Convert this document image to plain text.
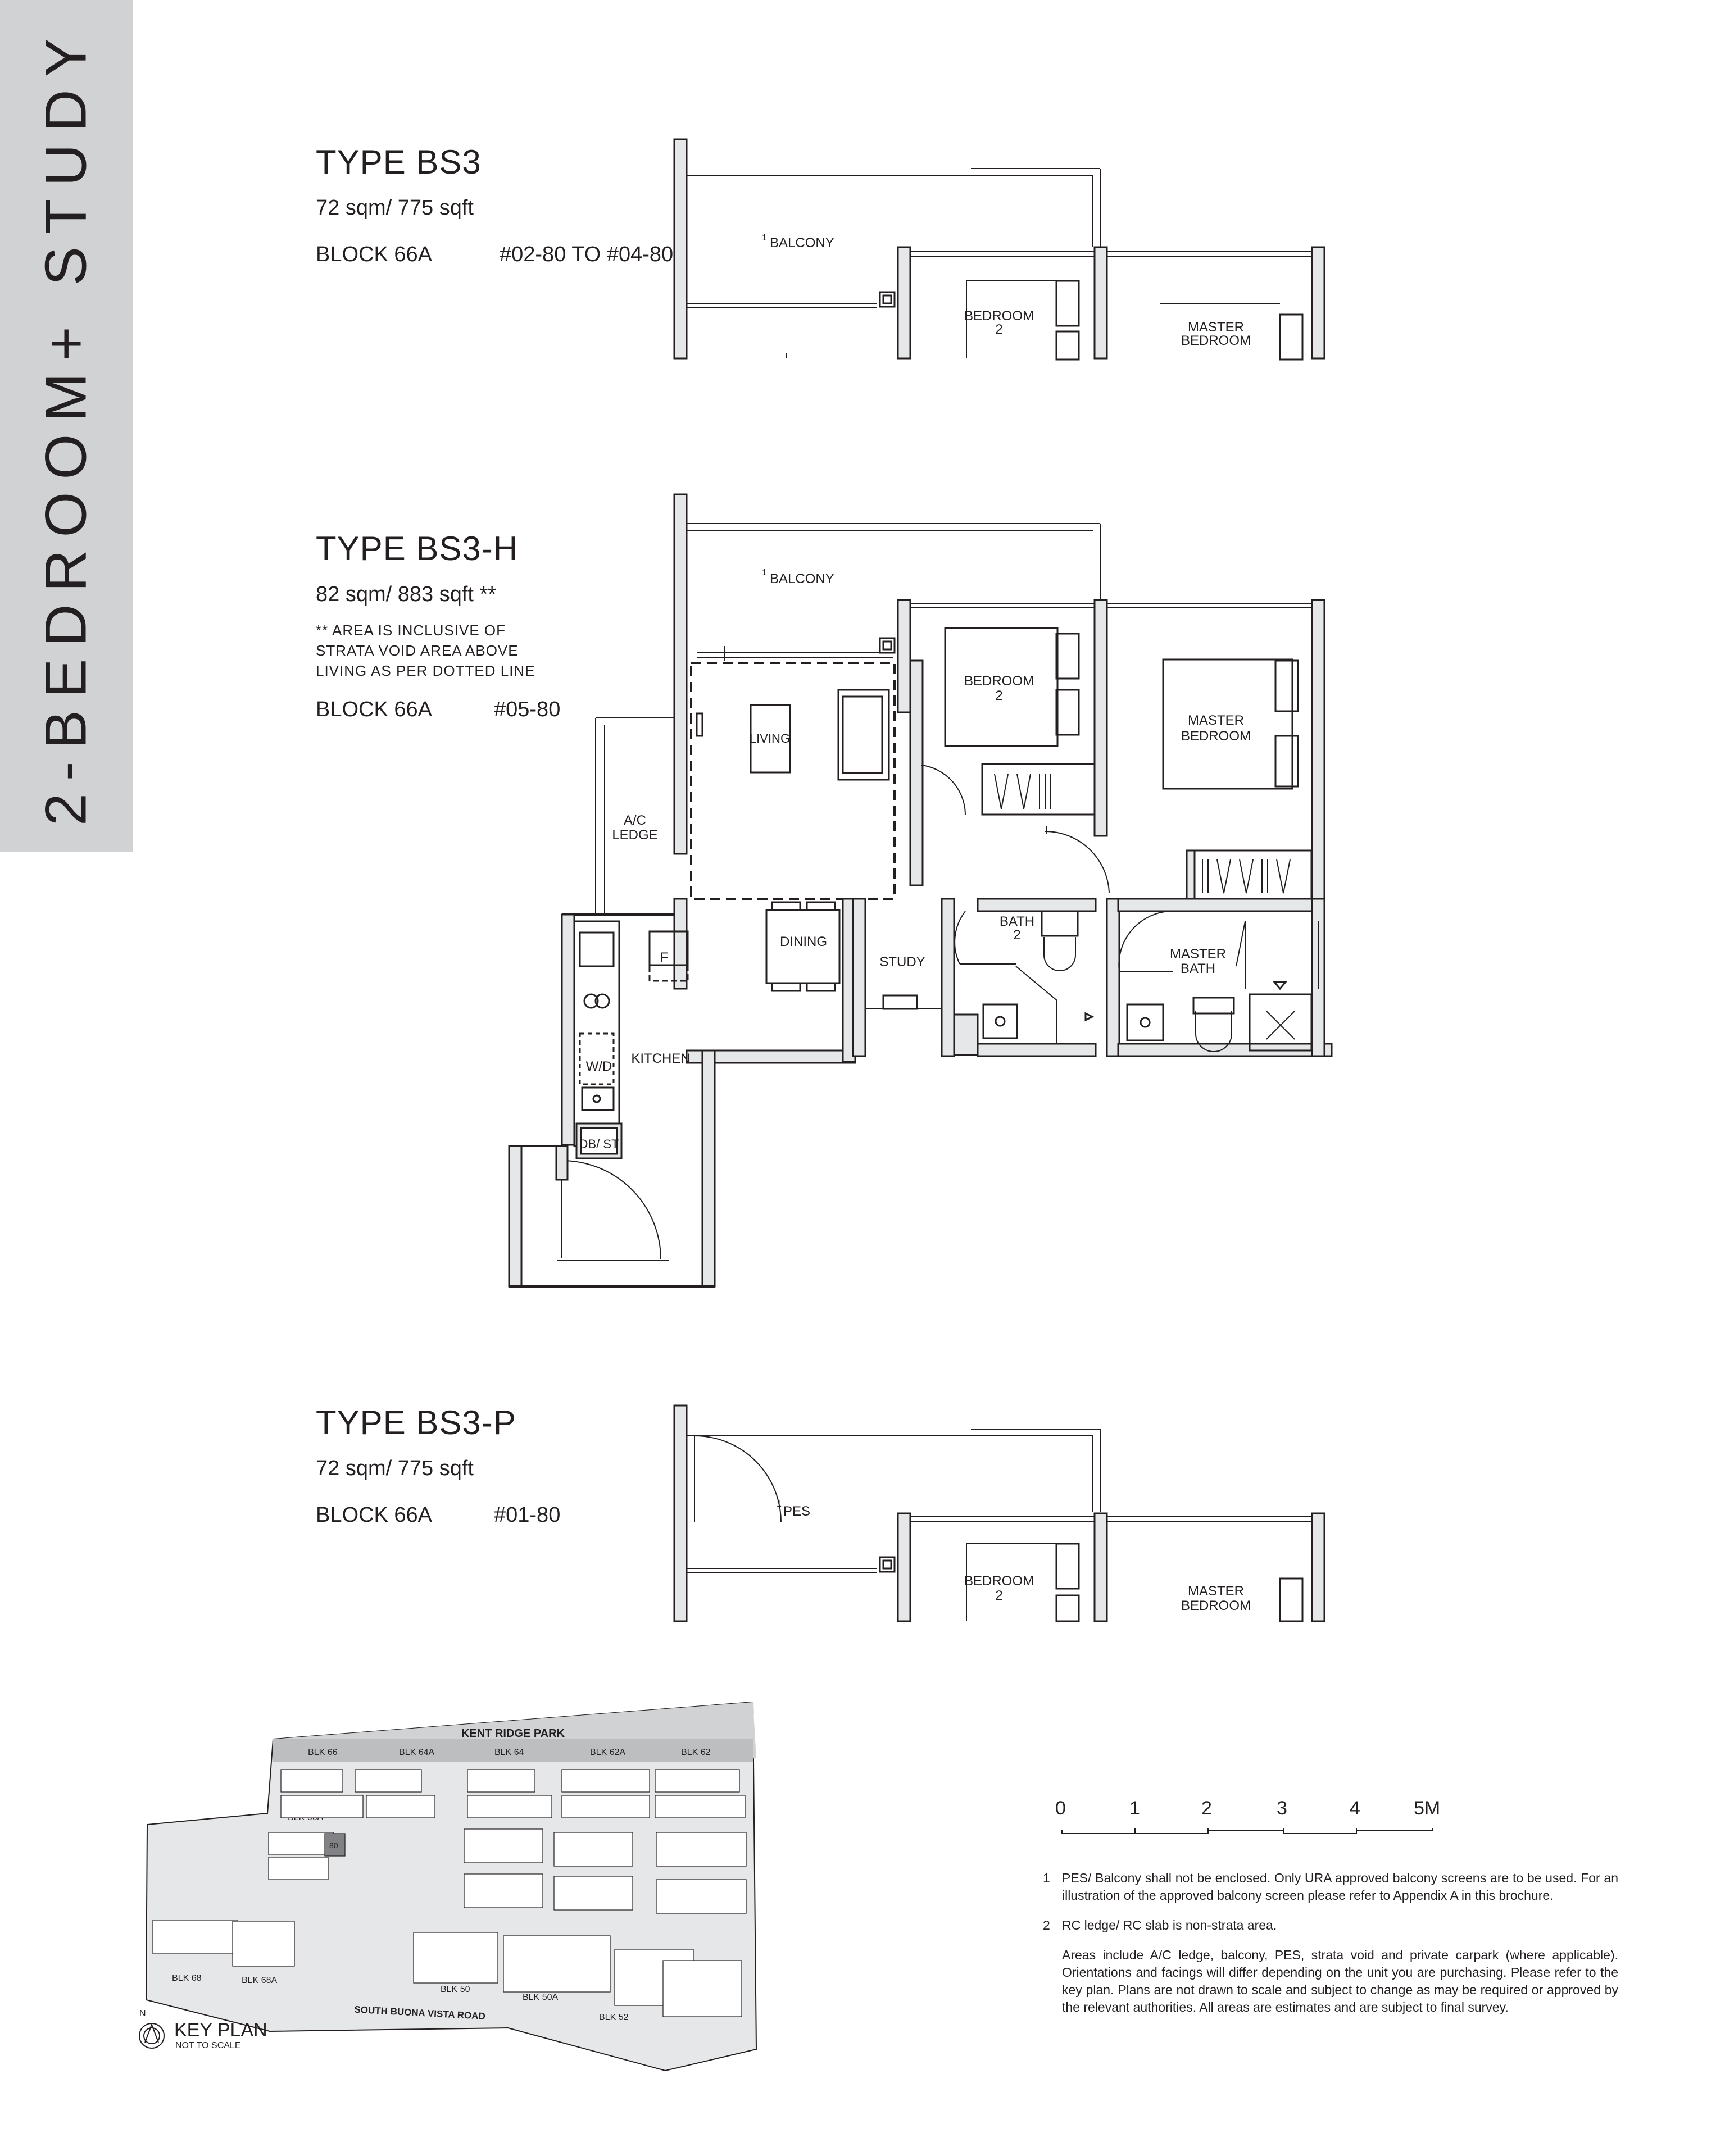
2-BEDROOM+ STUDY	TYPE BS3
72 sqm/ 775 sqft
BLOCK 66A	#02-80 TO #04-80
TYPE BS3-H
82 sqm/ 883 sqft **
** AREA IS INCLUSIVE OF STRATA VOID AREA ABOVE LIVING AS PER DOTTED LINE
BLOCK 66A	#05-80
TYPE BS3-P
72 sqm/ 775 sqft
BLOCK 66A	#01-80
1 BALCONY
BEDROOM
2	MASTER
BEDROOM
1 BALCONY
BEDROOM
2
MASTER
BEDROOM
LIVING
A/C
LEDGE
DINING
STUDY
BATH
MASTER
BATH
KITCHEN
F
W/D
DB/ ST
1 PES
BEDROOM
2	MASTER
BEDROOM
2
KENT RIDGE PARK
BLK 66	BLK 64A	BLK 64	BLK 62A	BLK 62
BLK 68	BLK 68A
BLK 50
BLK 50A
BLK 52
SOUTH BUONA VISTA ROAD
80
N
KEY PLAN
NOT TO SCALE
0	1	2	3	4	5M
1 PES/ Balcony shall not be enclosed. Only URA approved balcony screens are to be used. For an illustration of the approved balcony screen please refer to Appendix A in this brochure.
2 RC ledge/ RC slab is non-strata area.
Areas include A/C ledge, balcony, PES, strata void and private carpark (where applicable). Orientations and facings will differ depending on the unit you are purchasing. Please refer to the key plan. Plans are not drawn to scale and subject to change as may be required or approved by the relevant authorities. All areas are estimates and are subject to final survey.
